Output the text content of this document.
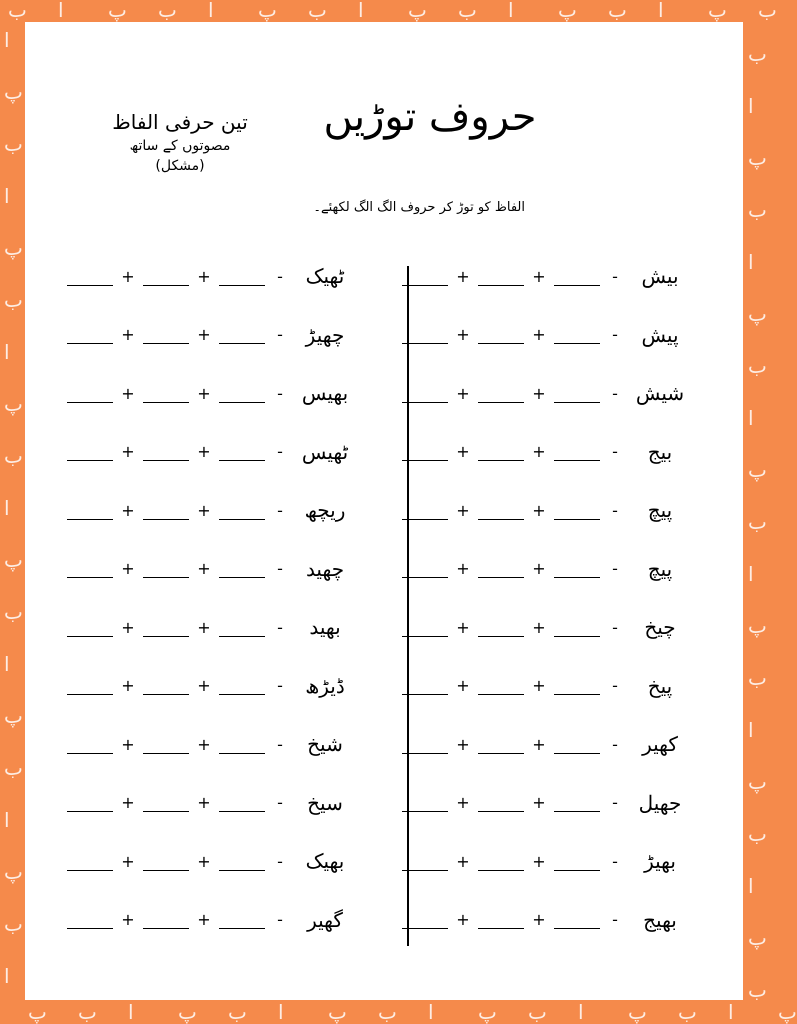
ب
پ
ا
ب
پ
ا
ب
پ
ا
ب
پ
ا
ب
پ
ا
ب
پ
ا
ب
پ
ا
ب
پ
ا
ب
پ
ا
ب
پ
ا
ب
پ
ا
ب
پ
ا
ب
پ
ا
ب
پ
ا
ب
پ
ا
ب
پ
ا
ب
پ
ا
ب
پ
ا
ب
پ
ا
ب
پ
ا
ب
پ
ا
ب
پ
ا
ب
پ
ا
ب
حروف توڑیں
تین حرفی الفاظ
مصوتوں کے ساتھ
(مشکل)
الفاظ کو توڑ کر حروف الگ الگ لکھئے۔
+	+	-	ٹھیک
+	+	-	چھیڑ
+	+	- بھیس
+	+	- ٹھیس
+	+	-	ریچھ
+	+	-	چھید
+	+	-	بھید
+	+	-	ڈیڑھ
+	+	-	شیخ
+	+	-	سیخ
+	+	-	بھیک
+	+	-	گھیر
+	+	-	بیش
+	+	-	پیش
+	+	- شیش
+	+	-	بیج
+	+	-	پیچ
+	+	-	پیچ
+	+	-	چیخ
+	+	-	پیخ
+	+	-	کھیر
+	+	-	جھیل
+	+	-	بھیڑ
+	+	-	بھیج
